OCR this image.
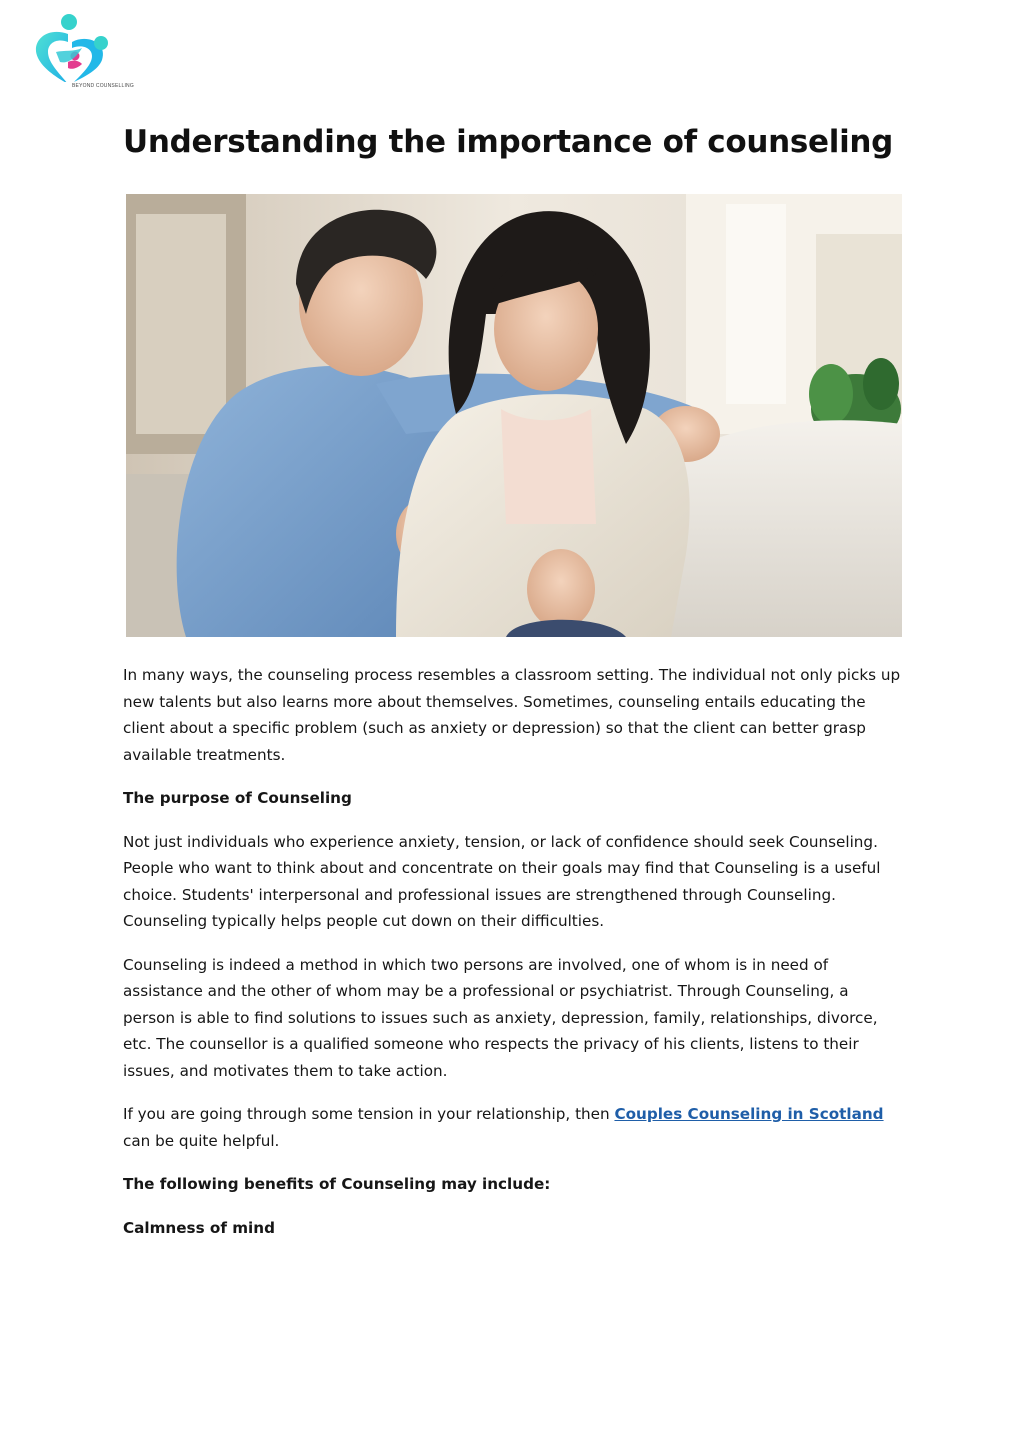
BEYOND COUNSELLING
Understanding the importance of counseling

In many ways, the counseling process resembles a classroom setting. The individual not only picks up new talents but also learns more about themselves. Sometimes, counseling entails educating the client about a specific problem (such as anxiety or depression) so that the client can better grasp available treatments.

The purpose of Counseling

Not just individuals who experience anxiety, tension, or lack of confidence should seek Counseling. People who want to think about and concentrate on their goals may find that Counseling is a useful choice. Students' interpersonal and professional issues are strengthened through Counseling. Counseling typically helps people cut down on their difficulties.

Counseling is indeed a method in which two persons are involved, one of whom is in need of assistance and the other of whom may be a professional or psychiatrist. Through Counseling, a person is able to find solutions to issues such as anxiety, depression, family, relationships, divorce, etc. The counsellor is a qualified someone who respects the privacy of his clients, listens to their issues, and motivates them to take action.

If you are going through some tension in your relationship, then Couples Counseling in Scotland can be quite helpful.

The following benefits of Counseling may include:

Calmness of mind
